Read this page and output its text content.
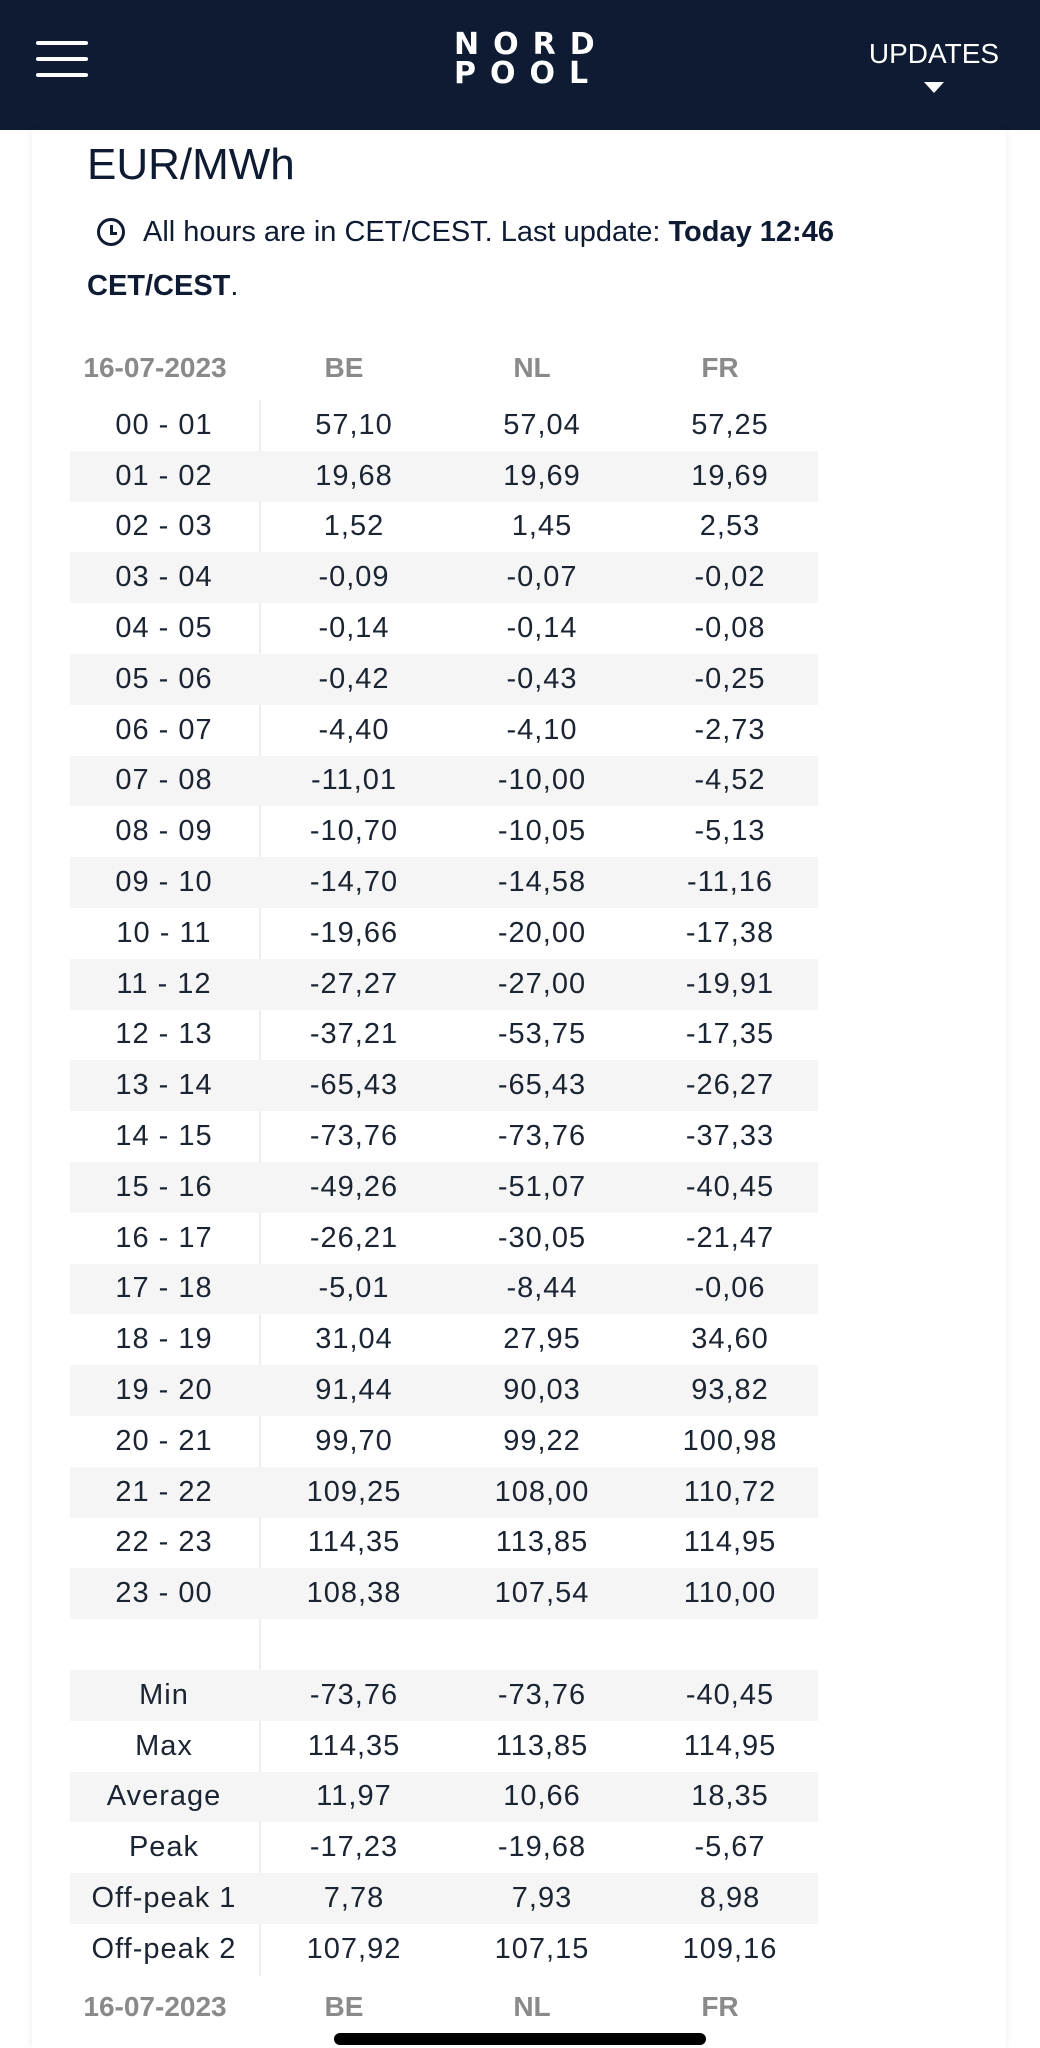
NORD
POOL
UPDATES
EUR/MWh
All hours are in CET/CEST. Last update: Today 12:46 CET/CEST.
16-07-2023	BE	NL	FR
00 - 01	57,10	57,04	57,25
01 - 02	19,68	19,69	19,69
02 - 03	1,52	1,45	2,53
03 - 04	-0,09	-0,07	-0,02
04 - 05	-0,14	-0,14	-0,08
05 - 06	-0,42	-0,43	-0,25
06 - 07	-4,40	-4,10	-2,73
07 - 08	-11,01	-10,00	-4,52
08 - 09	-10,70	-10,05	-5,13
09 - 10	-14,70	-14,58	-11,16
10 - 11	-19,66	-20,00	-17,38
11 - 12	-27,27	-27,00	-19,91
12 - 13	-37,21	-53,75	-17,35
13 - 14	-65,43	-65,43	-26,27
14 - 15	-73,76	-73,76	-37,33
15 - 16	-49,26	-51,07	-40,45
16 - 17	-26,21	-30,05	-21,47
17 - 18	-5,01	-8,44	-0,06
18 - 19	31,04	27,95	34,60
19 - 20	91,44	90,03	93,82
20 - 21	99,70	99,22	100,98
21 - 22	109,25	108,00	110,72
22 - 23	114,35	113,85	114,95
23 - 00	108,38	107,54	110,00
Min	-73,76	-73,76	-40,45
Max	114,35	113,85	114,95
Average	11,97	10,66	18,35
Peak	-17,23	-19,68	-5,67
Off-peak 1	7,78	7,93	8,98
Off-peak 2	107,92	107,15	109,16
16-07-2023	BE	NL	FR
